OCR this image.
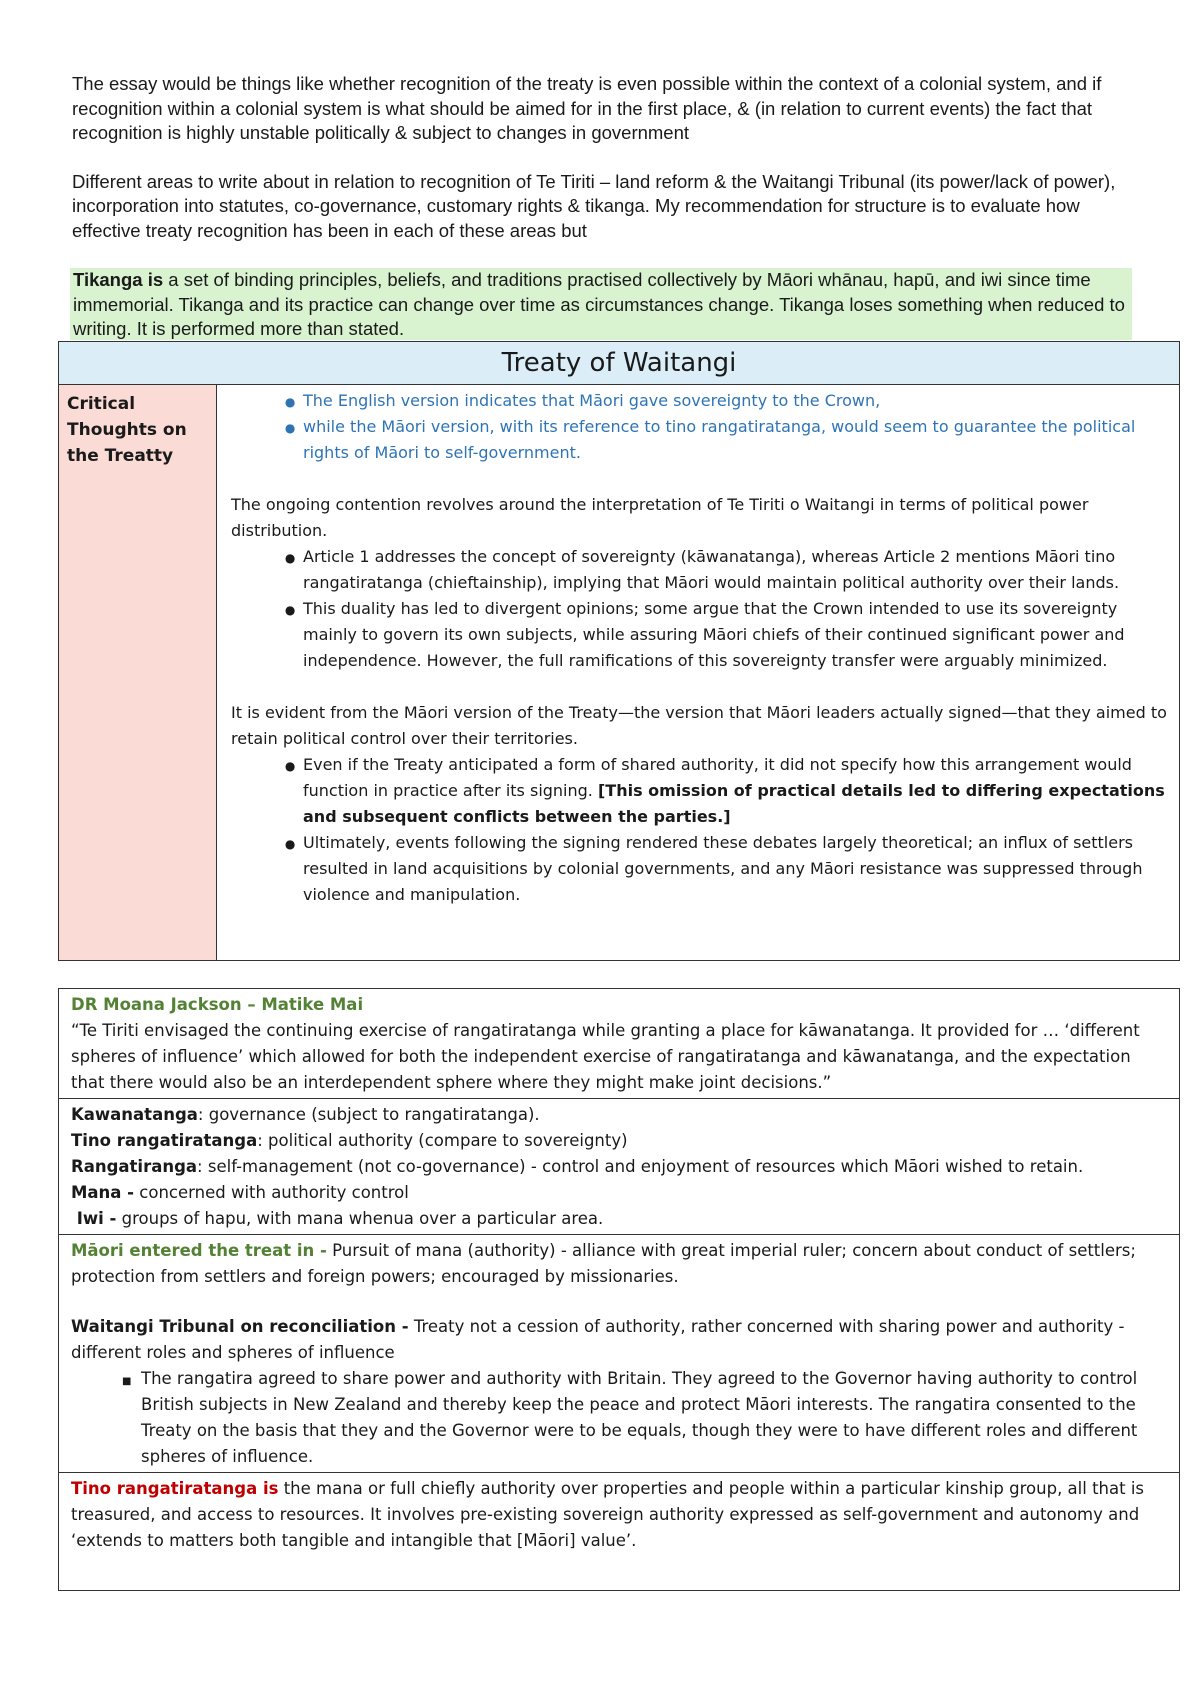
The essay would be things like whether recognition of the treaty is even possible within the context of a colonial system, and if recognition within a colonial system is what should be aimed for in the first place, & (in relation to current events) the fact that recognition is highly unstable politically & subject to changes in government

Different areas to write about in relation to recognition of Te Tiriti – land reform & the Waitangi Tribunal (its power/lack of power), incorporation into statutes, co-governance, customary rights & tikanga. My recommendation for structure is to evaluate how effective treaty recognition has been in each of these areas but

Tikanga is a set of binding principles, beliefs, and traditions practised collectively by Māori whānau, hapū, and iwi since time immemorial. Tikanga and its practice can change over time as circumstances change. Tikanga loses something when reduced to writing. It is performed more than stated.
Treaty of Waitangi
Critical Thoughts on the Treatty
• The English version indicates that Māori gave sovereignty to the Crown,
• while the Māori version, with its reference to tino rangatiratanga, would seem to guarantee the political rights of Māori to self-government.

The ongoing contention revolves around the interpretation of Te Tiriti o Waitangi in terms of political power distribution.

• Article 1 addresses the concept of sovereignty (kāwanatanga), whereas Article 2 mentions Māori tino rangatiratanga (chieftainship), implying that Māori would maintain political authority over their lands.
• This duality has led to divergent opinions; some argue that the Crown intended to use its sovereignty mainly to govern its own subjects, while assuring Māori chiefs of their continued significant power and independence. However, the full ramifications of this sovereignty transfer were arguably minimized.

It is evident from the Māori version of the Treaty—the version that Māori leaders actually signed—that they aimed to retain political control over their territories.

• Even if the Treaty anticipated a form of shared authority, it did not specify how this arrangement would function in practice after its signing. [This omission of practical details led to differing expectations and subsequent conflicts between the parties.]
• Ultimately, events following the signing rendered these debates largely theoretical; an influx of settlers resulted in land acquisitions by colonial governments, and any Māori resistance was suppressed through violence and manipulation.
DR Moana Jackson – Matike Mai
“Te Tiriti envisaged the continuing exercise of rangatiratanga while granting a place for kāwanatanga. It provided for … ‘different spheres of influence’ which allowed for both the independent exercise of rangatiratanga and kāwanatanga, and the expectation that there would also be an interdependent sphere where they might make joint decisions.”
Kawanatanga: governance (subject to rangatiratanga).
Tino rangatiratanga: political authority (compare to sovereignty)
Rangatiranga: self-management (not co-governance) - control and enjoyment of resources which Māori wished to retain.
Mana - concerned with authority control
Iwi - groups of hapu, with mana whenua over a particular area.
Māori entered the treat in - Pursuit of mana (authority) - alliance with great imperial ruler; concern about conduct of settlers; protection from settlers and foreign powers; encouraged by missionaries.
Waitangi Tribunal on reconciliation - Treaty not a cession of authority, rather concerned with sharing power and authority - different roles and spheres of influence
• The rangatira agreed to share power and authority with Britain. They agreed to the Governor having authority to control British subjects in New Zealand and thereby keep the peace and protect Māori interests. The rangatira consented to the Treaty on the basis that they and the Governor were to be equals, though they were to have different roles and different spheres of influence.
Tino rangatiratanga is the mana or full chiefly authority over properties and people within a particular kinship group, all that is treasured, and access to resources. It involves pre-existing sovereign authority expressed as self-government and autonomy and ‘extends to matters both tangible and intangible that [Māori] value’.
